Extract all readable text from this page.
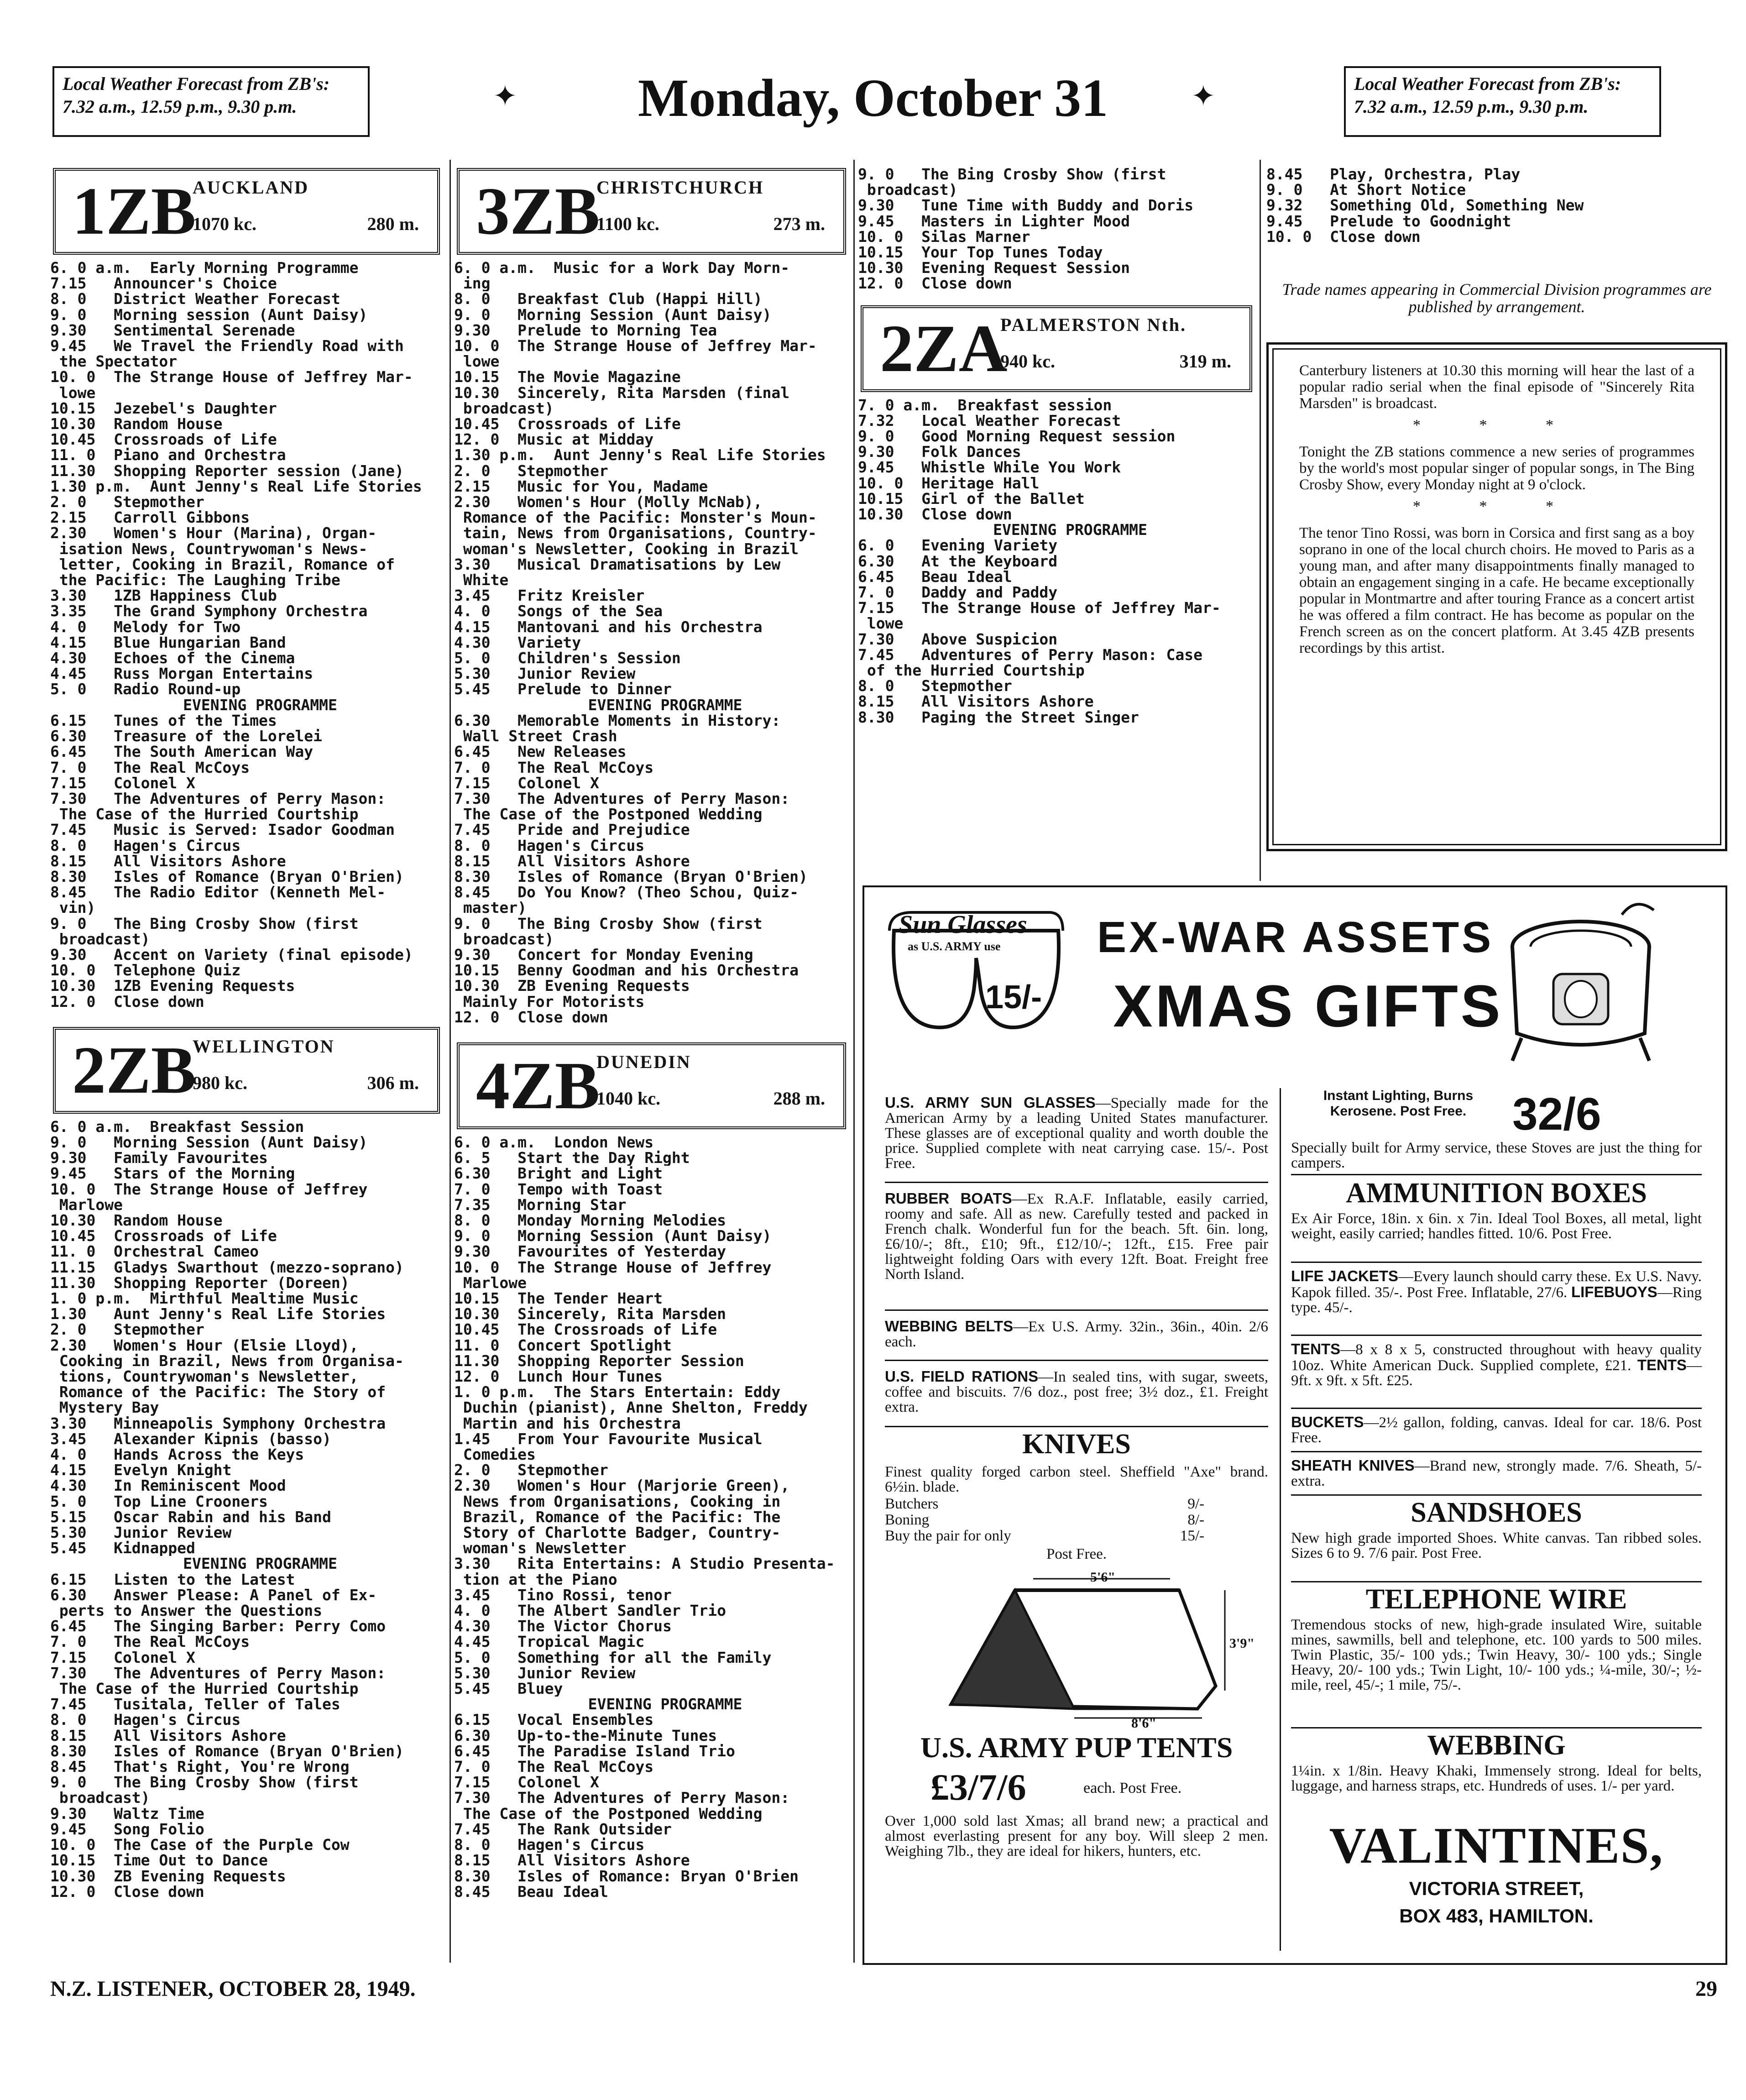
Local Weather Forecast from ZB's:
7.32 a.m., 12.59 p.m., 9.30 p.m.
Local Weather Forecast from ZB's:
7.32 a.m., 12.59 p.m., 9.30 p.m.
✦	✦
Monday, October 31
1ZB
AUCKLAND
1070 kc.	280 m.
6. 0 a.m.  Early Morning Programme
7.15   Announcer's Choice
8. 0   District Weather Forecast
9. 0   Morning session (Aunt Daisy)
9.30   Sentimental Serenade
9.45   We Travel the Friendly Road with
the Spectator
10. 0  The Strange House of Jeffrey Mar-
lowe
10.15  Jezebel's Daughter
10.30  Random House
10.45  Crossroads of Life
11. 0  Piano and Orchestra
11.30  Shopping Reporter session (Jane)
1.30 p.m.  Aunt Jenny's Real Life Stories
2. 0   Stepmother
2.15   Carroll Gibbons
2.30   Women's Hour (Marina), Organ-
isation News, Countrywoman's News-
letter, Cooking in Brazil, Romance of
the Pacific: The Laughing Tribe
3.30   1ZB Happiness Club
3.35   The Grand Symphony Orchestra
4. 0   Melody for Two
4.15   Blue Hungarian Band
4.30   Echoes of the Cinema
4.45   Russ Morgan Entertains
5. 0   Radio Round-up
EVENING PROGRAMME
6.15   Tunes of the Times
6.30   Treasure of the Lorelei
6.45   The South American Way
7. 0   The Real McCoys
7.15   Colonel X
7.30   The Adventures of Perry Mason:
The Case of the Hurried Courtship
7.45   Music is Served: Isador Goodman
8. 0   Hagen's Circus
8.15   All Visitors Ashore
8.30   Isles of Romance (Bryan O'Brien)
8.45   The Radio Editor (Kenneth Mel-
vin)
9. 0   The Bing Crosby Show (first
broadcast)
9.30   Accent on Variety (final episode)
10. 0  Telephone Quiz
10.30  1ZB Evening Requests
12. 0  Close down
2ZB
WELLINGTON
980 kc.	306 m.
6. 0 a.m.  Breakfast Session
9. 0   Morning Session (Aunt Daisy)
9.30   Family Favourites
9.45   Stars of the Morning
10. 0  The Strange House of Jeffrey
Marlowe
10.30  Random House
10.45  Crossroads of Life
11. 0  Orchestral Cameo
11.15  Gladys Swarthout (mezzo-soprano)
11.30  Shopping Reporter (Doreen)
1. 0 p.m.  Mirthful Mealtime Music
1.30   Aunt Jenny's Real Life Stories
2. 0   Stepmother
2.30   Women's Hour (Elsie Lloyd),
Cooking in Brazil, News from Organisa-
tions, Countrywoman's Newsletter,
Romance of the Pacific: The Story of
Mystery Bay
3.30   Minneapolis Symphony Orchestra
3.45   Alexander Kipnis (basso)
4. 0   Hands Across the Keys
4.15   Evelyn Knight
4.30   In Reminiscent Mood
5. 0   Top Line Crooners
5.15   Oscar Rabin and his Band
5.30   Junior Review
5.45   Kidnapped
EVENING PROGRAMME
6.15   Listen to the Latest
6.30   Answer Please: A Panel of Ex-
perts to Answer the Questions
6.45   The Singing Barber: Perry Como
7. 0   The Real McCoys
7.15   Colonel X
7.30   The Adventures of Perry Mason:
The Case of the Hurried Courtship
7.45   Tusitala, Teller of Tales
8. 0   Hagen's Circus
8.15   All Visitors Ashore
8.30   Isles of Romance (Bryan O'Brien)
8.45   That's Right, You're Wrong
9. 0   The Bing Crosby Show (first
broadcast)
9.30   Waltz Time
9.45   Song Folio
10. 0  The Case of the Purple Cow
10.15  Time Out to Dance
10.30  ZB Evening Requests
12. 0  Close down
3ZB
CHRISTCHURCH
1100 kc.	273 m.
6. 0 a.m.  Music for a Work Day Morn-
ing
8. 0   Breakfast Club (Happi Hill)
9. 0   Morning Session (Aunt Daisy)
9.30   Prelude to Morning Tea
10. 0  The Strange House of Jeffrey Mar-
lowe
10.15  The Movie Magazine
10.30  Sincerely, Rita Marsden (final
broadcast)
10.45  Crossroads of Life
12. 0  Music at Midday
1.30 p.m.  Aunt Jenny's Real Life Stories
2. 0   Stepmother
2.15   Music for You, Madame
2.30   Women's Hour (Molly McNab),
Romance of the Pacific: Monster's Moun-
tain, News from Organisations, Country-
woman's Newsletter, Cooking in Brazil
3.30   Musical Dramatisations by Lew
White
3.45   Fritz Kreisler
4. 0   Songs of the Sea
4.15   Mantovani and his Orchestra
4.30   Variety
5. 0   Children's Session
5.30   Junior Review
5.45   Prelude to Dinner
EVENING PROGRAMME
6.30   Memorable Moments in History:
Wall Street Crash
6.45   New Releases
7. 0   The Real McCoys
7.15   Colonel X
7.30   The Adventures of Perry Mason:
The Case of the Postponed Wedding
7.45   Pride and Prejudice
8. 0   Hagen's Circus
8.15   All Visitors Ashore
8.30   Isles of Romance (Bryan O'Brien)
8.45   Do You Know? (Theo Schou, Quiz-
master)
9. 0   The Bing Crosby Show (first
broadcast)
9.30   Concert for Monday Evening
10.15  Benny Goodman and his Orchestra
10.30  ZB Evening Requests
Mainly For Motorists
12. 0  Close down
4ZB
DUNEDIN
1040 kc.	288 m.
6. 0 a.m.  London News
6. 5   Start the Day Right
6.30   Bright and Light
7. 0   Tempo with Toast
7.35   Morning Star
8. 0   Monday Morning Melodies
9. 0   Morning Session (Aunt Daisy)
9.30   Favourites of Yesterday
10. 0  The Strange House of Jeffrey
Marlowe
10.15  The Tender Heart
10.30  Sincerely, Rita Marsden
10.45  The Crossroads of Life
11. 0  Concert Spotlight
11.30  Shopping Reporter Session
12. 0  Lunch Hour Tunes
1. 0 p.m.  The Stars Entertain: Eddy
Duchin (pianist), Anne Shelton, Freddy
Martin and his Orchestra
1.45   From Your Favourite Musical
Comedies
2. 0   Stepmother
2.30   Women's Hour (Marjorie Green),
News from Organisations, Cooking in
Brazil, Romance of the Pacific: The
Story of Charlotte Badger, Country-
woman's Newsletter
3.30   Rita Entertains: A Studio Presenta-
tion at the Piano
3.45   Tino Rossi, tenor
4. 0   The Albert Sandler Trio
4.30   The Victor Chorus
4.45   Tropical Magic
5. 0   Something for all the Family
5.30   Junior Review
5.45   Bluey
EVENING PROGRAMME
6.15   Vocal Ensembles
6.30   Up-to-the-Minute Tunes
6.45   The Paradise Island Trio
7. 0   The Real McCoys
7.15   Colonel X
7.30   The Adventures of Perry Mason:
The Case of the Postponed Wedding
7.45   The Rank Outsider
8. 0   Hagen's Circus
8.15   All Visitors Ashore
8.30   Isles of Romance: Bryan O'Brien
8.45   Beau Ideal
9. 0   The Bing Crosby Show (first
broadcast)
9.30   Tune Time with Buddy and Doris
9.45   Masters in Lighter Mood
10. 0  Silas Marner
10.15  Your Top Tunes Today
10.30  Evening Request Session
12. 0  Close down
2ZA
PALMERSTON Nth.
940 kc.	319 m.
7. 0 a.m.  Breakfast session
7.32   Local Weather Forecast
9. 0   Good Morning Request session
9.30   Folk Dances
9.45   Whistle While You Work
10. 0  Heritage Hall
10.15  Girl of the Ballet
10.30  Close down
EVENING PROGRAMME
6. 0   Evening Variety
6.30   At the Keyboard
6.45   Beau Ideal
7. 0   Daddy and Paddy
7.15   The Strange House of Jeffrey Mar-
lowe
7.30   Above Suspicion
7.45   Adventures of Perry Mason: Case
of the Hurried Courtship
8. 0   Stepmother
8.15   All Visitors Ashore
8.30   Paging the Street Singer
8.45   Play, Orchestra, Play
9. 0   At Short Notice
9.32   Something Old, Something New
9.45   Prelude to Goodnight
10. 0  Close down
Trade names appearing in Commercial Division programmes are published by arrangement.

Canterbury listeners at 10.30 this morning will hear the last of a popular radio serial when the final episode of "Sincerely Rita Marsden" is broadcast.

* * *

Tonight the ZB stations commence a new series of programmes by the world's most popular singer of popular songs, in The Bing Crosby Show, every Monday night at 9 o'clock.

* * *

The tenor Tino Rossi, was born in Corsica and first sang as a boy soprano in one of the local church choirs. He moved to Paris as a young man, and after many disappointments finally managed to obtain an engagement singing in a cafe. He became exceptionally popular in Montmartre and after touring France as a concert artist he was offered a film contract. He has become as popular on the French screen as on the concert platform. At 3.45 4ZB presents recordings by this artist.

Sun Glasses
as U.S. ARMY use
15/-
EX-WAR ASSETS
XMAS GIFTS
U.S. ARMY SUN GLASSES—Specially made for the American Army by a leading United States manufacturer. These glasses are of exceptional quality and worth double the price. Supplied complete with neat carrying case. 15/-. Post Free.
RUBBER BOATS—Ex R.A.F. Inflatable, easily carried, roomy and safe. All as new. Carefully tested and packed in French chalk. Wonderful fun for the beach. 5ft. 6in. long, £6/10/-; 8ft., £10; 9ft., £12/10/-; 12ft., £15. Free pair lightweight folding Oars with every 12ft. Boat. Freight free North Island.
WEBBING BELTS—Ex U.S. Army. 32in., 36in., 40in. 2/6 each.
U.S. FIELD RATIONS—In sealed tins, with sugar, sweets, coffee and biscuits. 7/6 doz., post free; 3½ doz., £1. Freight extra.
KNIVES
Finest quality forged carbon steel. Sheffield "Axe" brand. 6½in. blade.
Butchers	9/-
Boning	8/-
Buy the pair for only	15/-
Post Free.
5'6"
3'9"
8'6"
U.S. ARMY PUP TENTS
£3/7/6	each. Post Free.
Over 1,000 sold last Xmas; all brand new; a practical and almost everlasting present for any boy. Will sleep 2 men. Weighing 7lb., they are ideal for hikers, hunters, etc.
Instant Lighting, Burns Kerosene. Post Free.	32/6
Specially built for Army service, these Stoves are just the thing for campers.
AMMUNITION BOXES
Ex Air Force, 18in. x 6in. x 7in. Ideal Tool Boxes, all metal, light weight, easily carried; handles fitted. 10/6. Post Free.
LIFE JACKETS—Every launch should carry these. Ex U.S. Navy. Kapok filled. 35/-. Post Free. Inflatable, 27/6. LIFEBUOYS—Ring type. 45/-.
TENTS—8 x 8 x 5, constructed throughout with heavy quality 10oz. White American Duck. Supplied complete, £21. TENTS—9ft. x 9ft. x 5ft. £25.
BUCKETS—2½ gallon, folding, canvas. Ideal for car. 18/6. Post Free.
SHEATH KNIVES—Brand new, strongly made. 7/6. Sheath, 5/- extra.
SANDSHOES
New high grade imported Shoes. White canvas. Tan ribbed soles. Sizes 6 to 9. 7/6 pair. Post Free.
TELEPHONE WIRE
Tremendous stocks of new, high-grade insulated Wire, suitable mines, sawmills, bell and telephone, etc. 100 yards to 500 miles. Twin Plastic, 35/- 100 yds.; Twin Heavy, 30/- 100 yds.; Single Heavy, 20/- 100 yds.; Twin Light, 10/- 100 yds.; ¼-mile, 30/-; ½-mile, reel, 45/-; 1 mile, 75/-.
WEBBING
1¼in. x 1/8in. Heavy Khaki, Immensely strong. Ideal for belts, luggage, and harness straps, etc. Hundreds of uses. 1/- per yard.
VALINTINES,
VICTORIA STREET,
BOX 483, HAMILTON.
N.Z. LISTENER, OCTOBER 28, 1949.	29
